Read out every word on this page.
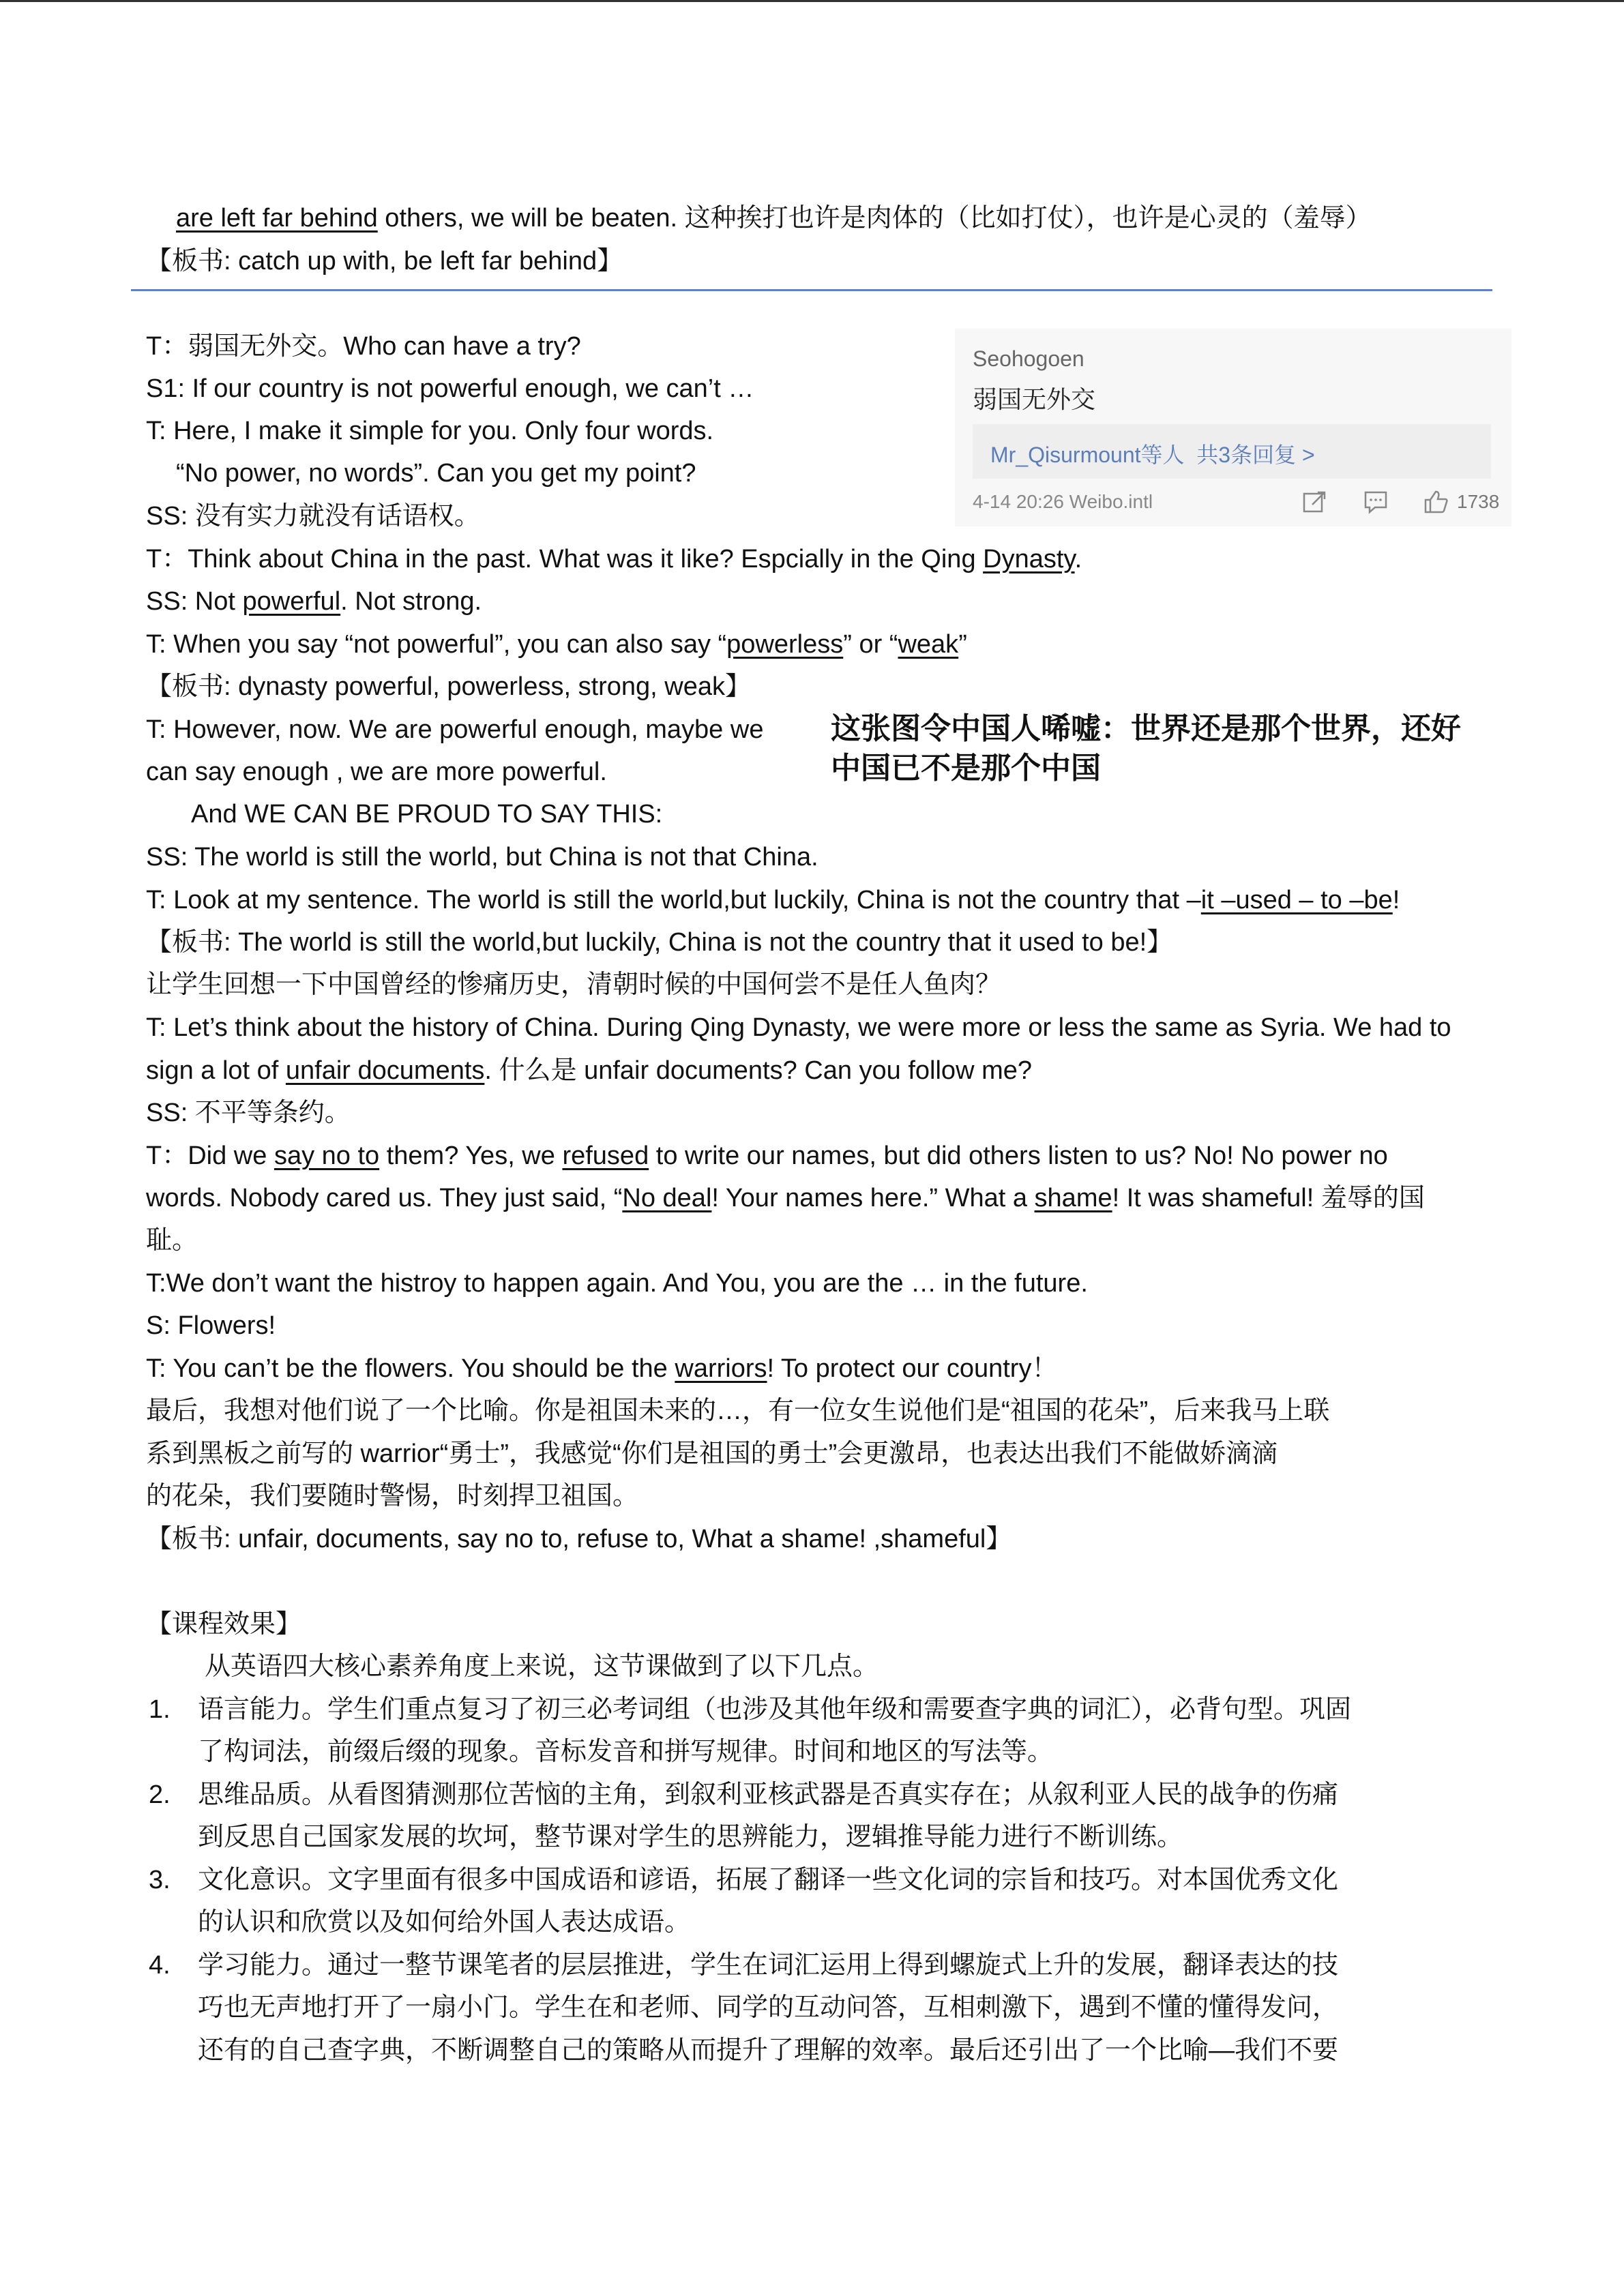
are left far behind others, we will be beaten. 这种挨打也许是肉体的（比如打仗），也许是心灵的（羞辱）
【板书: catch up with, be left far behind】
Seohogoen
弱国无外交
Mr_Qisurmount等人 共3条回复 >
4-14 20:26 Weibo.intl	1738
T：弱国无外交。Who can have a try?
S1: If our country is not powerful enough, we can’t …
T: Here, I make it simple for you. Only four words.
“No power, no words”. Can you get my point?
SS: 没有实力就没有话语权。
T：Think about China in the past. What was it like? Espcially in the Qing Dynasty.
SS: Not powerful. Not strong.
T: When you say “not powerful”, you can also say “powerless” or “weak”
【板书: dynasty powerful, powerless, strong, weak】
T: However, now. We are powerful enough, maybe we
can say enough , we are more powerful.
And WE CAN BE PROUD TO SAY THIS:
SS: The world is still the world, but China is not that China.
T: Look at my sentence. The world is still the world,but luckily, China is not the country that –it –used – to –be!
【板书: The world is still the world,but luckily, China is not the country that it used to be!】
让学生回想一下中国曾经的惨痛历史，清朝时候的中国何尝不是任人鱼肉？
T: Let’s think about the history of China. During Qing Dynasty, we were more or less the same as Syria. We had to
sign a lot of unfair documents. 什么是 unfair documents? Can you follow me?
SS: 不平等条约。
T：Did we say no to them? Yes, we refused to write our names, but did others listen to us? No! No power no
words. Nobody cared us. They just said, “No deal! Your names here.” What a shame! It was shameful! 羞辱的国
耻。
T:We don’t want the histroy to happen again. And You, you are the … in the future.
S: Flowers!
T: You can’t be the flowers. You should be the warriors! To protect our country！
最后，我想对他们说了一个比喻。你是祖国未来的…，有一位女生说他们是“祖国的花朵”，后来我马上联
系到黑板之前写的 warrior“勇士”，我感觉“你们是祖国的勇士”会更激昂，也表达出我们不能做娇滴滴
的花朵，我们要随时警惕，时刻捍卫祖国。
【板书: unfair, documents, say no to, refuse to, What a shame! ,shameful】
这张图令中国人唏嘘：世界还是那个世界，还好中国已不是那个中国
【课程效果】
从英语四大核心素养角度上来说，这节课做到了以下几点。
1. 语言能力。学生们重点复习了初三必考词组（也涉及其他年级和需要查字典的词汇），必背句型。巩固
了构词法，前缀后缀的现象。音标发音和拼写规律。时间和地区的写法等。
2. 思维品质。从看图猜测那位苦恼的主角，到叙利亚核武器是否真实存在；从叙利亚人民的战争的伤痛
到反思自己国家发展的坎坷，整节课对学生的思辨能力，逻辑推导能力进行不断训练。
3. 文化意识。文字里面有很多中国成语和谚语，拓展了翻译一些文化词的宗旨和技巧。对本国优秀文化
的认识和欣赏以及如何给外国人表达成语。
4. 学习能力。通过一整节课笔者的层层推进，学生在词汇运用上得到螺旋式上升的发展，翻译表达的技
巧也无声地打开了一扇小门。学生在和老师、同学的互动问答，互相刺激下，遇到不懂的懂得发问，
还有的自己查字典，不断调整自己的策略从而提升了理解的效率。最后还引出了一个比喻—我们不要
